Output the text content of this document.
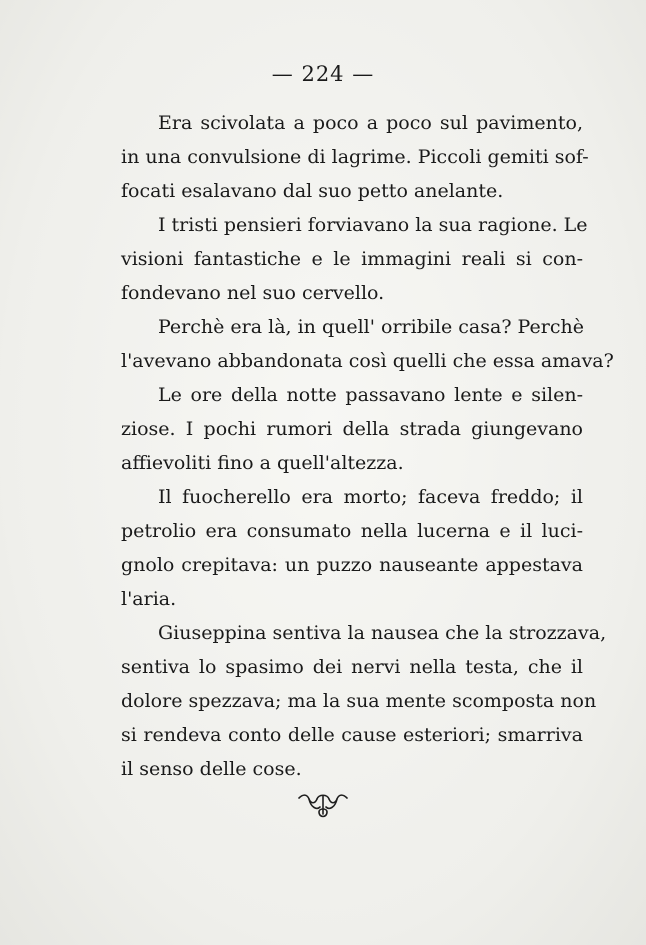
— 224 —
Era scivolata a poco a poco sul pavimento,
in una convulsione di lagrime. Piccoli gemiti sof-
focati esalavano dal suo petto anelante.
I tristi pensieri forviavano la sua ragione. Le
visioni fantastiche e le immagini reali si con-
fondevano nel suo cervello.
Perchè era là, in quell' orribile casa? Perchè
l'avevano abbandonata così quelli che essa amava?
Le ore della notte passavano lente e silen-
ziose. I pochi rumori della strada giungevano
affievoliti fino a quell'altezza.
Il fuocherello era morto; faceva freddo; il
petrolio era consumato nella lucerna e il luci-
gnolo crepitava: un puzzo nauseante appestava
l'aria.
Giuseppina sentiva la nausea che la strozzava,
sentiva lo spasimo dei nervi nella testa, che il
dolore spezzava; ma la sua mente scomposta non
si rendeva conto delle cause esteriori; smarriva
il senso delle cose.
